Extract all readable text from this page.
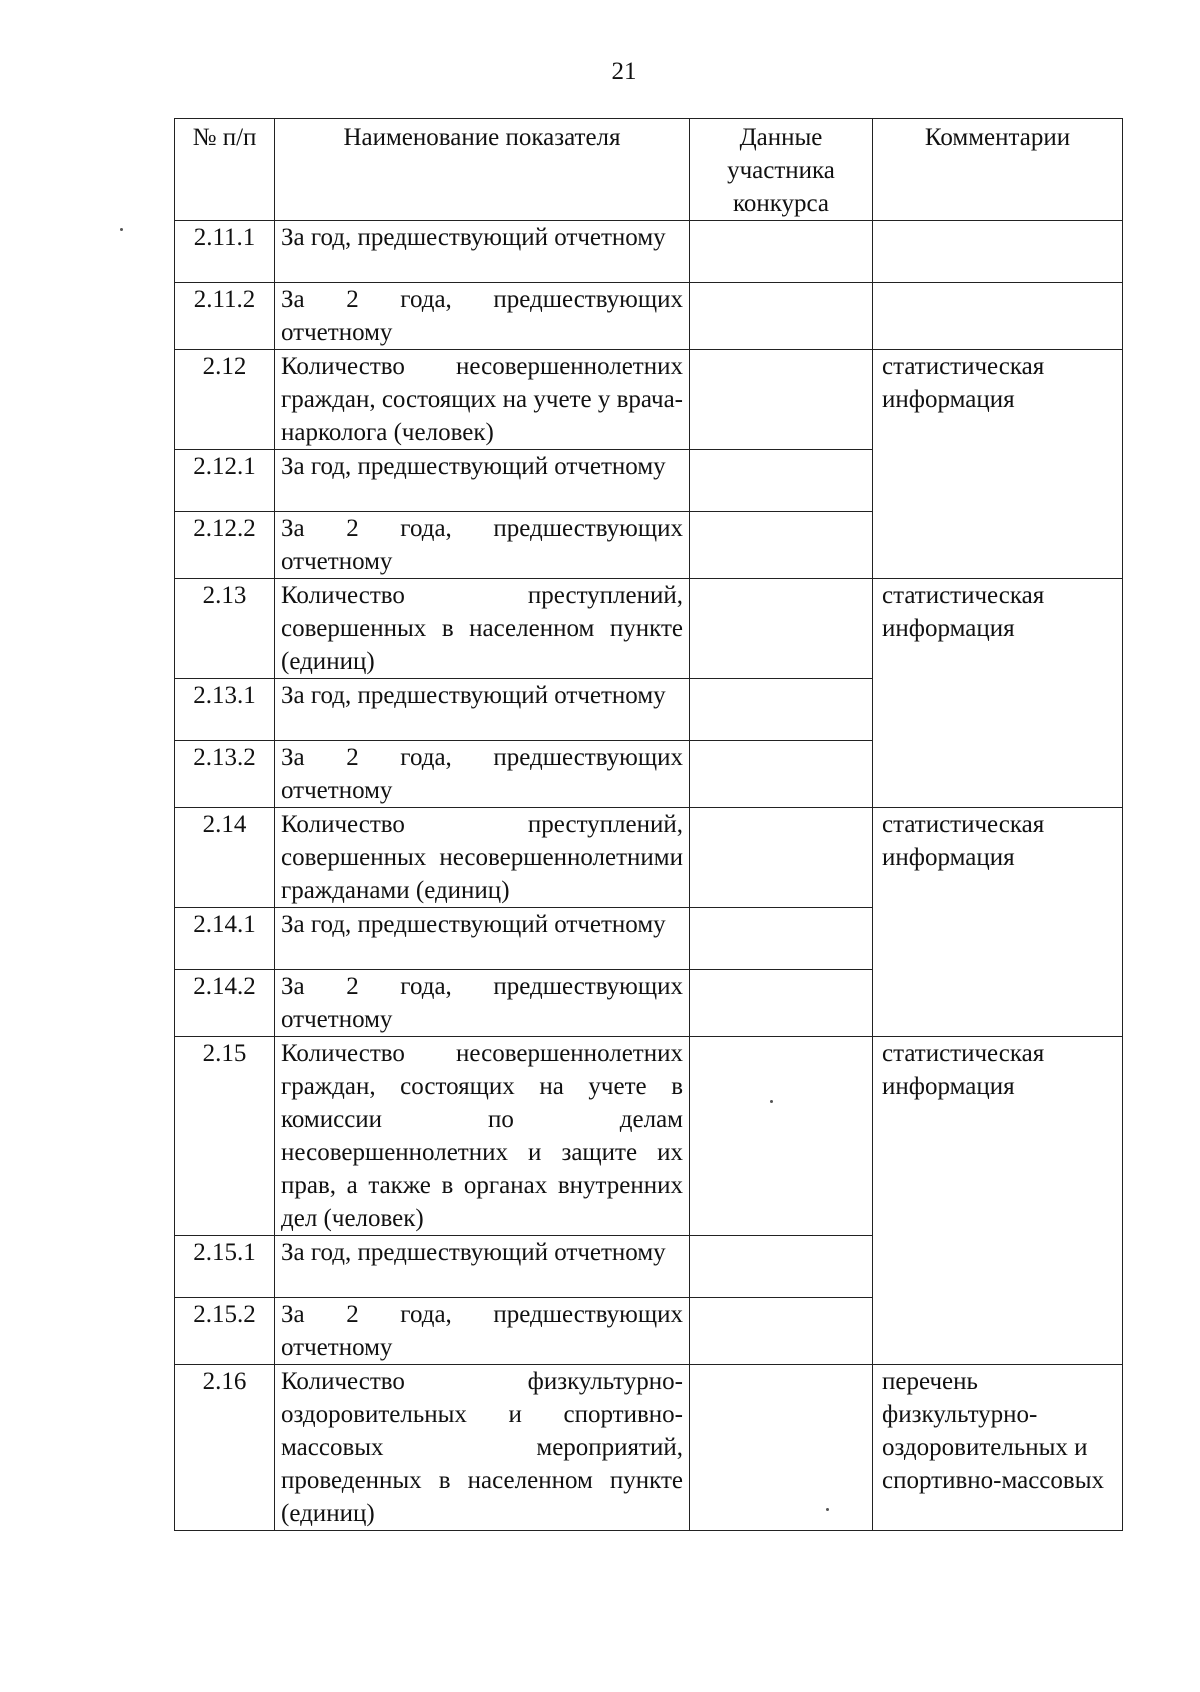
21
№ п/п	Наименование показателя	Данные участника конкурса	Комментарии
2.11.1	За год, предшествующий отчетному		
2.11.2	За 2 года, предшествующих отчетному		
2.12	Количество несовершеннолетних граждан, состоящих на учете у врача-нарколога (человек)		статистическая информация
2.12.1	За год, предшествующий отчетному		
2.12.2	За 2 года, предшествующих отчетному		
2.13	Количество преступлений, совершенных в населенном пункте (единиц)		статистическая информация
2.13.1	За год, предшествующий отчетному		
2.13.2	За 2 года, предшествующих отчетному		
2.14	Количество преступлений, совершенных несовершеннолетними гражданами (единиц)		статистическая информация
2.14.1	За год, предшествующий отчетному		
2.14.2	За 2 года, предшествующих отчетному		
2.15	Количество несовершеннолетних граждан, состоящих на учете в комиссии по делам несовершеннолетних и защите их прав, а также в органах внутренних дел (человек)		статистическая информация
2.15.1	За год, предшествующий отчетному		
2.15.2	За 2 года, предшествующих отчетному		
2.16	Количество физкультурно-оздоровительных и спортивно-массовых мероприятий, проведенных в населенном пункте (единиц)		перечень физкультурно-оздоровительных и спортивно-массовых
